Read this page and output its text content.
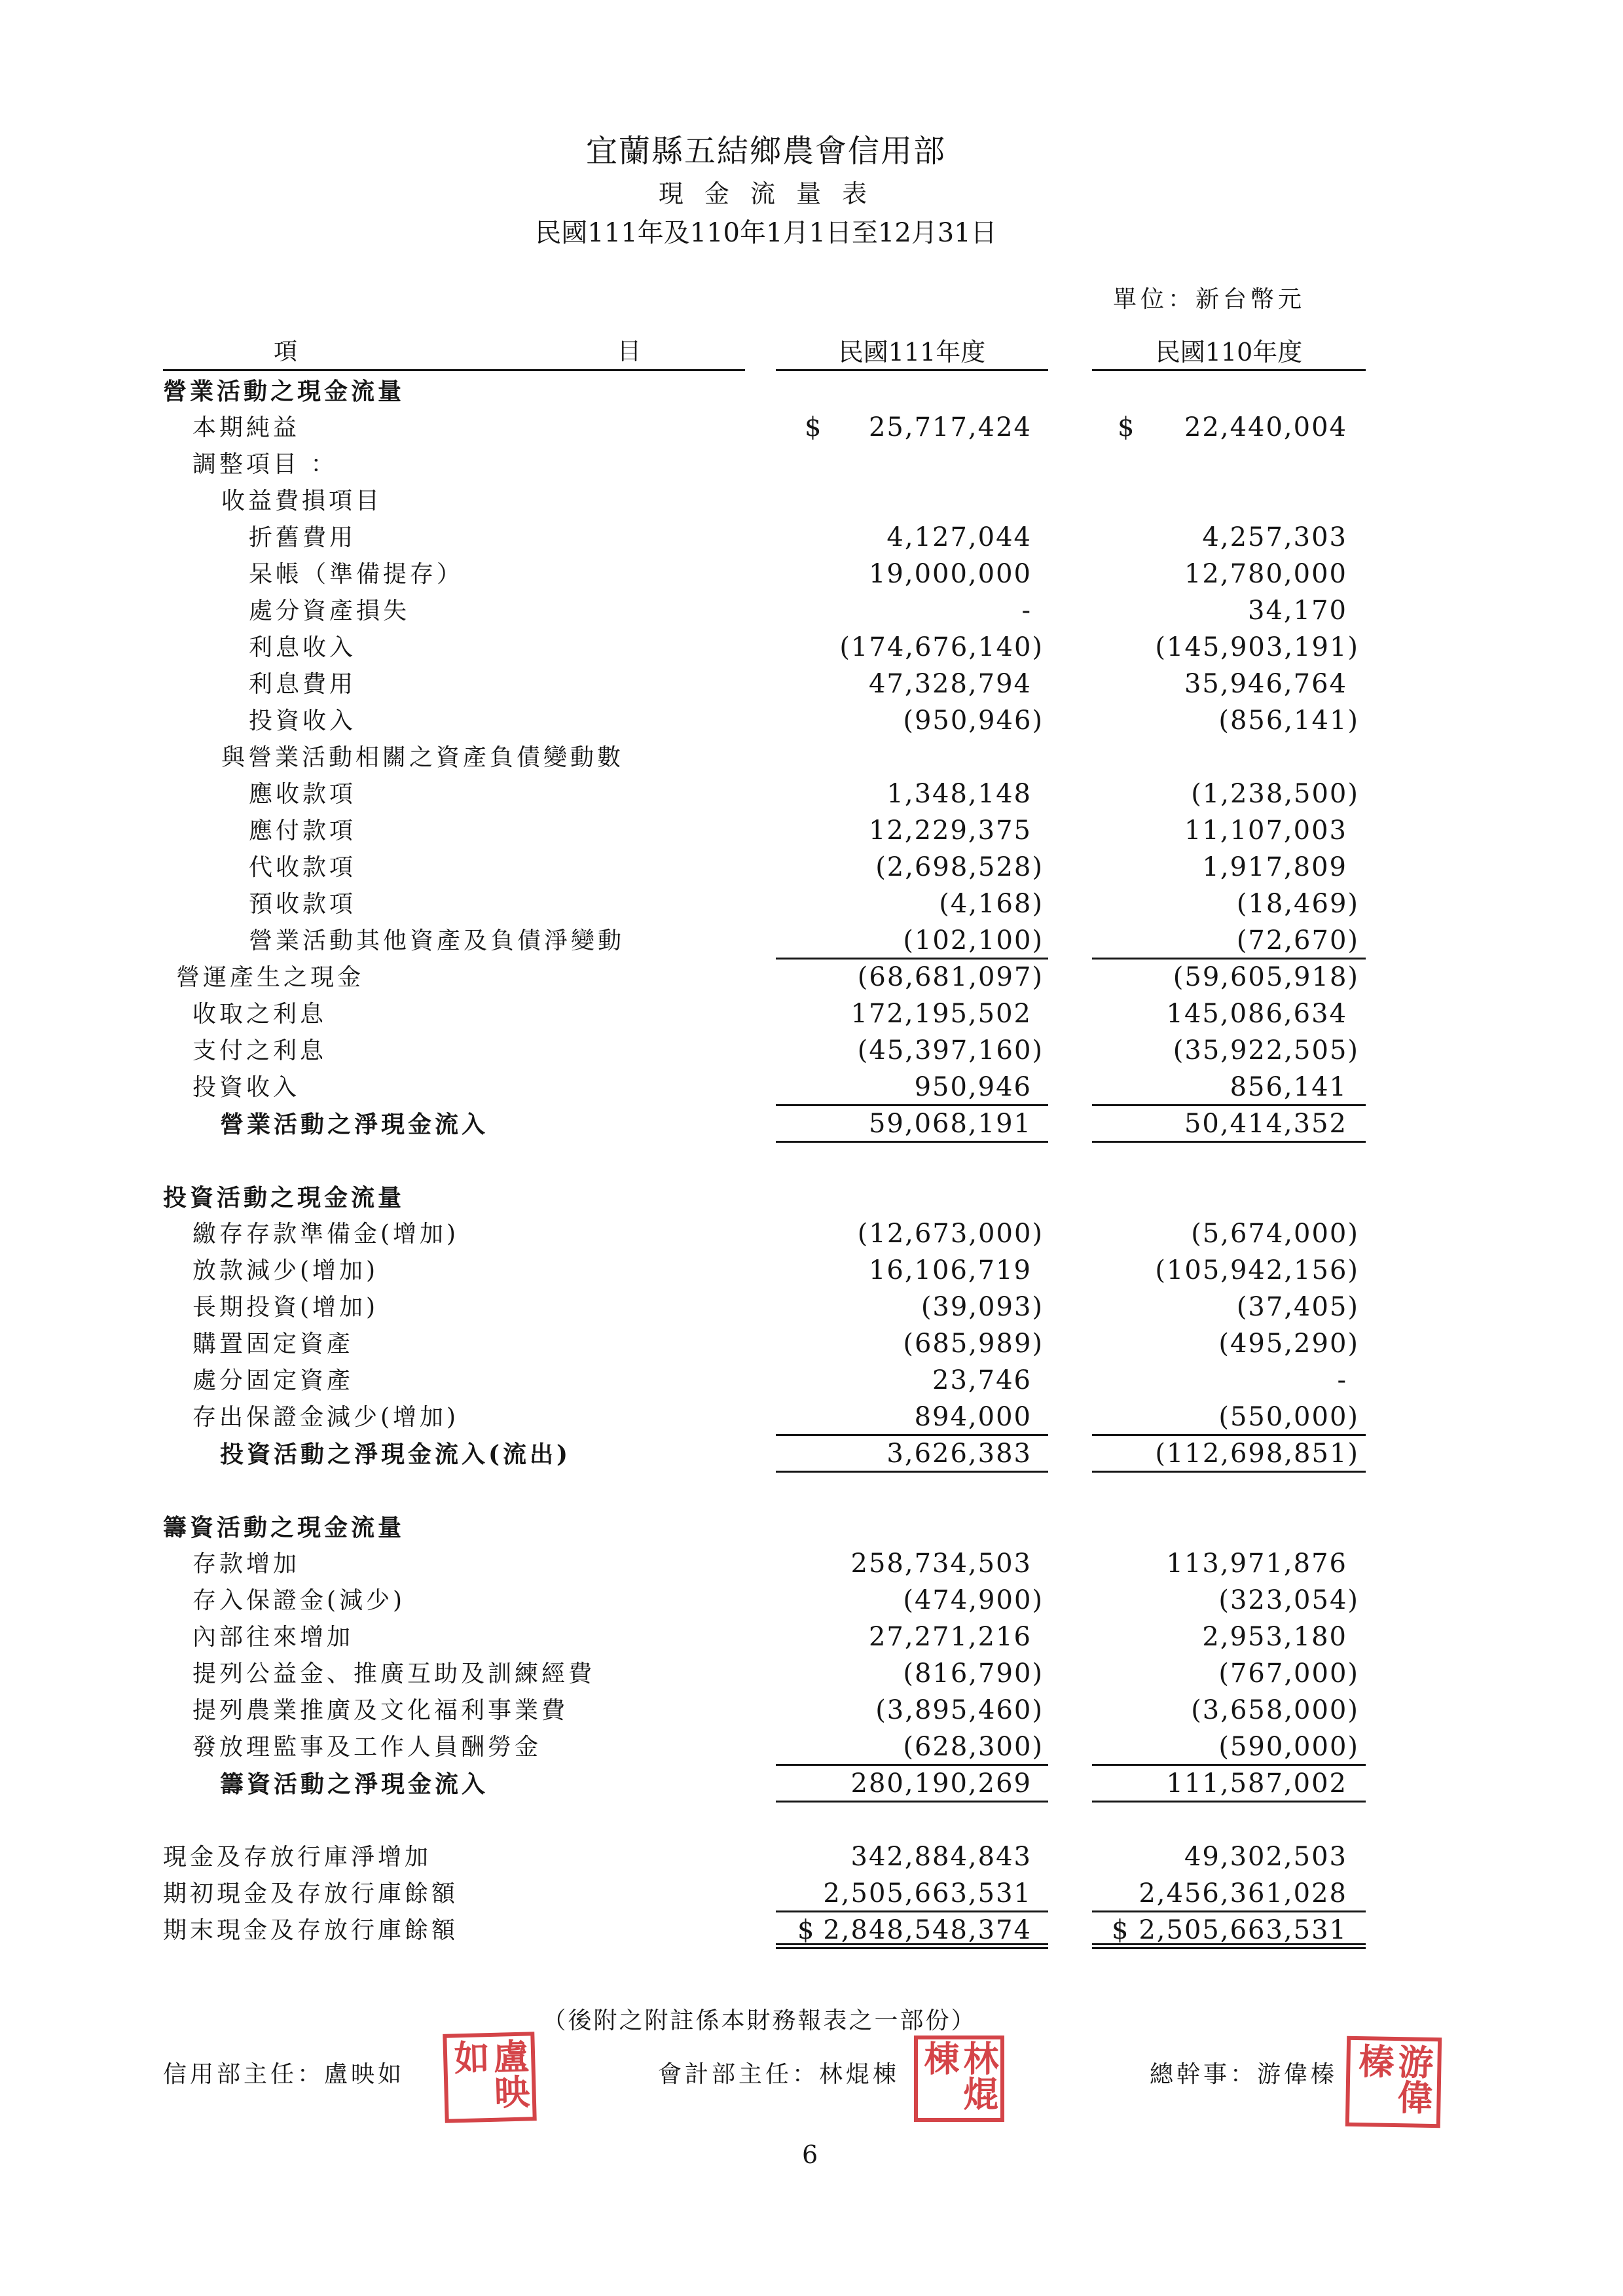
宜蘭縣五結鄉農會信用部
現 金 流 量 表
民國111年及110年1月1日至12月31日
單位：新台幣元
項	目	民國111年度	民國110年度
營業活動之現金流量
本期純益	$ 25,717,424	$ 22,440,004
調整項目 ：
收益費損項目
折舊費用	4,127,044	4,257,303
呆帳（準備提存）	19,000,000	12,780,000
處分資產損失	-	34,170
利息收入	(174,676,140)	(145,903,191)
利息費用	47,328,794	35,946,764
投資收入	(950,946)	(856,141)
與營業活動相關之資產負債變動數
應收款項	1,348,148	(1,238,500)
應付款項	12,229,375	11,107,003
代收款項	(2,698,528)	1,917,809
預收款項	(4,168)	(18,469)
營業活動其他資產及負債淨變動	(102,100)	(72,670)
營運產生之現金	(68,681,097)	(59,605,918)
收取之利息	172,195,502	145,086,634
支付之利息	(45,397,160)	(35,922,505)
投資收入	950,946	856,141
營業活動之淨現金流入	59,068,191	50,414,352
投資活動之現金流量
繳存存款準備金(增加)	(12,673,000)	(5,674,000)
放款減少(增加)	16,106,719	(105,942,156)
長期投資(增加)	(39,093)	(37,405)
購置固定資產	(685,989)	(495,290)
處分固定資產	23,746	-
存出保證金減少(增加)	894,000	(550,000)
投資活動之淨現金流入(流出)	3,626,383	(112,698,851)
籌資活動之現金流量
存款增加	258,734,503	113,971,876
存入保證金(減少)	(474,900)	(323,054)
內部往來增加	27,271,216	2,953,180
提列公益金、推廣互助及訓練經費	(816,790)	(767,000)
提列農業推廣及文化福利事業費	(3,895,460)	(3,658,000)
發放理監事及工作人員酬勞金	(628,300)	(590,000)
籌資活動之淨現金流入	280,190,269	111,587,002
現金及存放行庫淨增加	342,884,843	49,302,503
期初現金及存放行庫餘額	2,505,663,531	2,456,361,028
期末現金及存放行庫餘額	$ 2,848,548,374	$ 2,505,663,531
（後附之附註係本財務報表之一部份）
信用部主任：盧映如	盧映如	會計部主任：林焜棟	林焜棟	總幹事：游偉榛	游偉榛
6
